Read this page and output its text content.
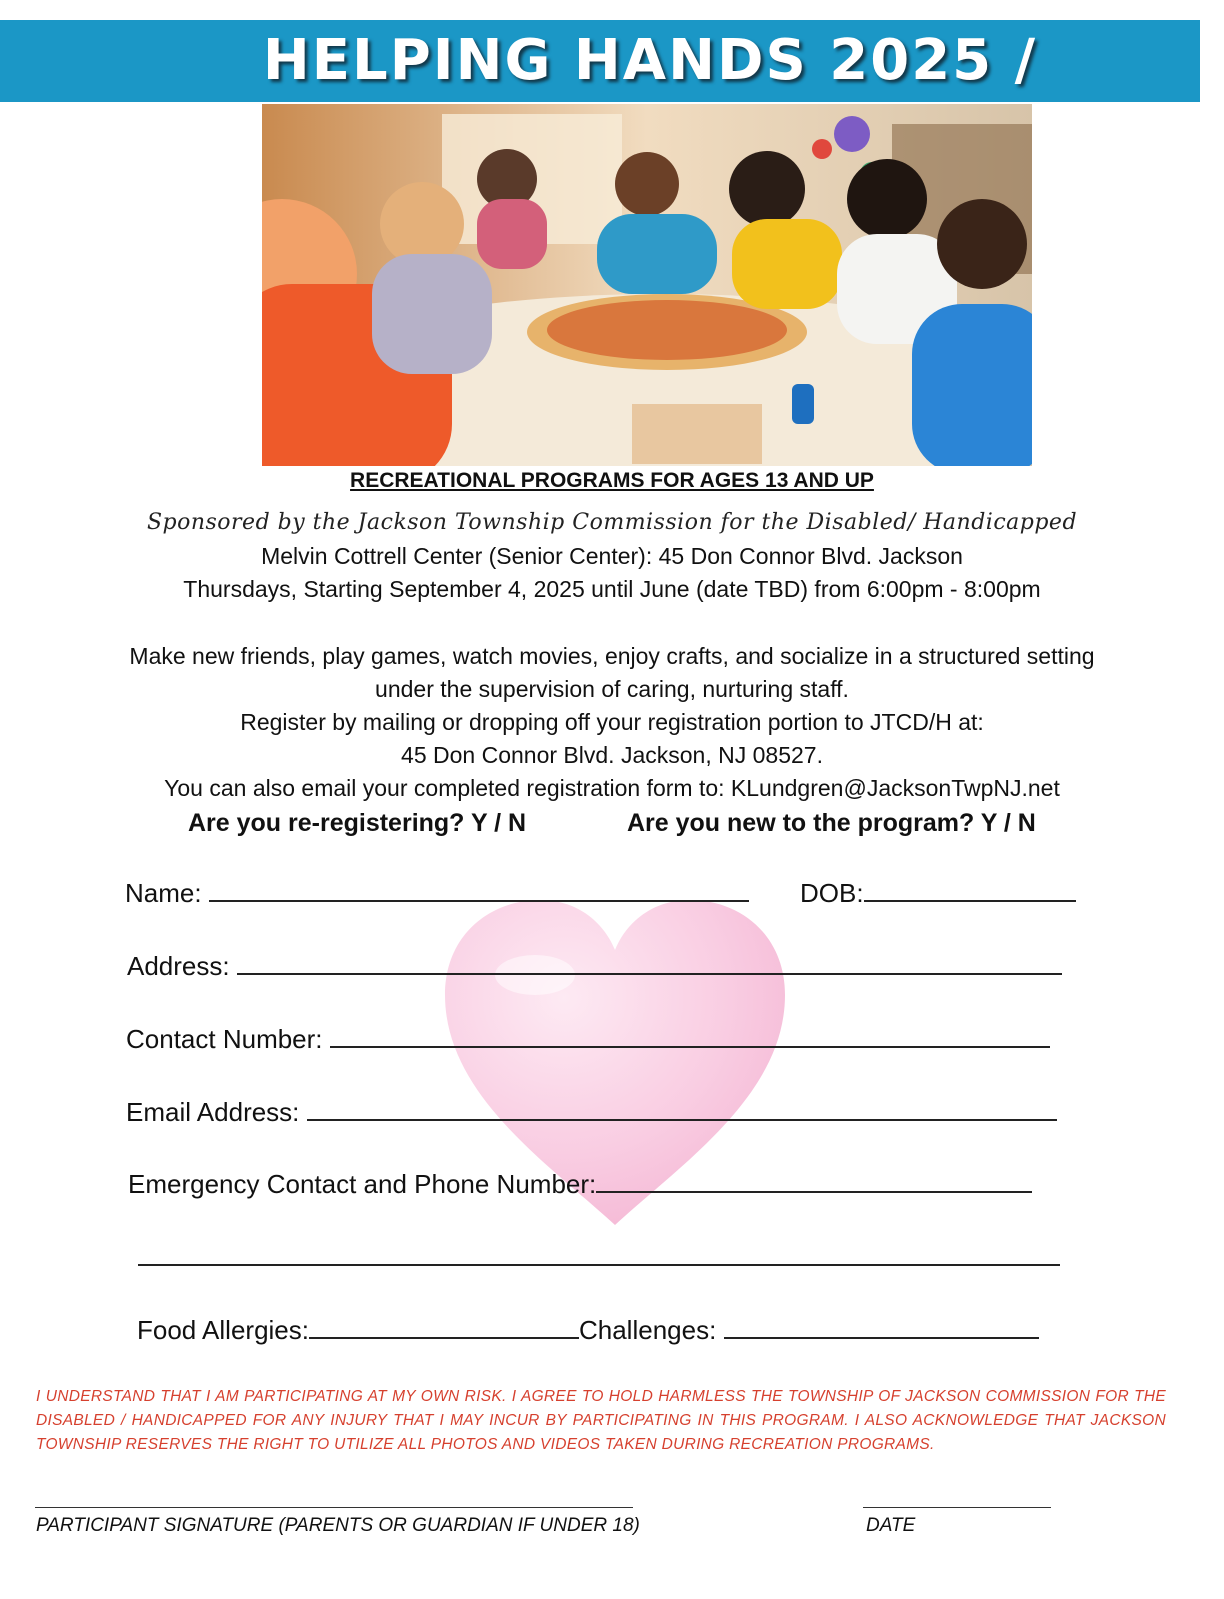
HELPING HANDS 2025 /
RECREATIONAL PROGRAMS FOR AGES 13 AND UP
Sponsored by the Jackson Township Commission for the Disabled/ Handicapped
Melvin Cottrell Center (Senior Center): 45 Don Connor Blvd. Jackson
Thursdays, Starting September 4, 2025 until June (date TBD) from 6:00pm - 8:00pm
Make new friends, play games, watch movies, enjoy crafts, and socialize in a structured setting
under the supervision of caring, nurturing staff.
Register by mailing or dropping off your registration portion to JTCD/H at:
45 Don Connor Blvd. Jackson, NJ 08527.
You can also email your completed registration form to: KLundgren@JacksonTwpNJ.net
Are you re-registering? Y / N	Are you new to the program? Y / N
Name:	DOB:
Address:
Contact Number:
Email Address:
Emergency Contact and Phone Number:
Food Allergies:	Challenges:
I UNDERSTAND THAT I AM PARTICIPATING AT MY OWN RISK. I AGREE TO HOLD HARMLESS THE TOWNSHIP OF JACKSON COMMISSION FOR THE DISABLED / HANDICAPPED FOR ANY INJURY THAT I MAY INCUR BY PARTICIPATING IN THIS PROGRAM. I ALSO ACKNOWLEDGE THAT JACKSON TOWNSHIP RESERVES THE RIGHT TO UTILIZE ALL PHOTOS AND VIDEOS TAKEN DURING RECREATION PROGRAMS.
PARTICIPANT SIGNATURE (PARENTS OR GUARDIAN IF UNDER 18)	DATE
